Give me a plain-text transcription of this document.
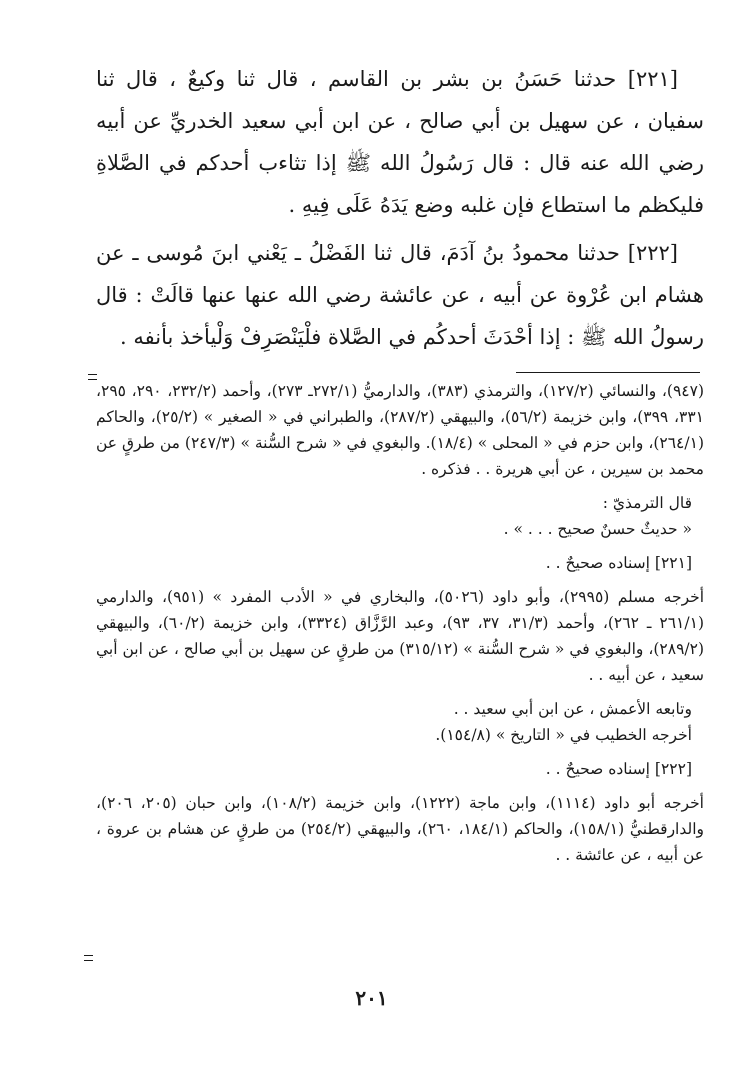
[٢٢١] حدثنا حَسَنُ بن بشر بن القاسم ، قال ثنا وكيعٌ ، قال ثنا سفيان ، عن سهيل بن أبي صالح ، عن ابن أبي سعيد الخدريِّ عن أبيه رضي الله عنه قال : قال رَسُولُ الله ﷺ إذا تثاءب أحدكم في الصَّلاةِ فليكظم ما استطاع فإن غلبه وضع يَدَهُ عَلَى فِيهِ .

[٢٢٢] حدثنا محمودُ بنُ آدَمَ، قال ثنا الفَضْلُ ـ يَعْني ابنَ مُوسى ـ عن هشام ابن عُرْوة عن أبيه ، عن عائشة رضي الله عنها عنها قالَتْ : قال رسولُ الله ﷺ : إذا أحْدَثَ أحدكُم في الصَّلاة فلْيَنْصَرِفْ وَلْيأخذ بأنفه .

(٩٤٧)، والنسائي (١٢٧/٢)، والترمذي (٣٨٣)، والدارميُّ (٢٧٢/١ـ ٢٧٣)، وأحمد (٢٣٢/٢، ٢٩٠، ٢٩٥، ٣٣١، ٣٩٩)، وابن خزيمة (٥٦/٢)، والبيهقي (٢٨٧/٢)، والطبراني في « الصغير » (٢٥/٢)، والحاكم (٢٦٤/١)، وابن حزم في « المحلى » (١٨/٤). والبغوي في « شرح السُّنة » (٢٤٧/٣) من طرقٍ عن محمد بن سيرين ، عن أبي هريرة . . فذكره .

قال الترمذيّ :

« حديثٌ حسنٌ صحيح . . . » .

[٢٢١] إسناده صحيحٌ . .

أخرجه مسلم (٢٩٩٥)، وأبو داود (٥٠٢٦)، والبخاري في « الأدب المفرد » (٩٥١)، والدارمي (٢٦١/١ ـ ٢٦٢)، وأحمد (٣١/٣، ٣٧، ٩٣)، وعبد الرَّزَّاق (٣٣٢٤)، وابن خزيمة (٦٠/٢)، والبيهقي (٢٨٩/٢)، والبغوي في « شرح السُّنة » (٣١٥/١٢) من طرقٍ عن سهيل بن أبي صالح ، عن ابن أبي سعيد ، عن أبيه . .

وتابعه الأعمش ، عن ابن أبي سعيد . .

أخرجه الخطيب في « التاريخ » (١٥٤/٨).

[٢٢٢] إسناده صحيحٌ . .

أخرجه أبو داود (١١١٤)، وابن ماجة (١٢٢٢)، وابن خزيمة (١٠٨/٢)، وابن حبان (٢٠٥، ٢٠٦)، والدارقطنيُّ (١٥٨/١)، والحاكم (١٨٤/١، ٢٦٠)، والبيهقي (٢٥٤/٢) من طرقٍ عن هشام بن عروة ، عن أبيه ، عن عائشة . .

٢٠١
